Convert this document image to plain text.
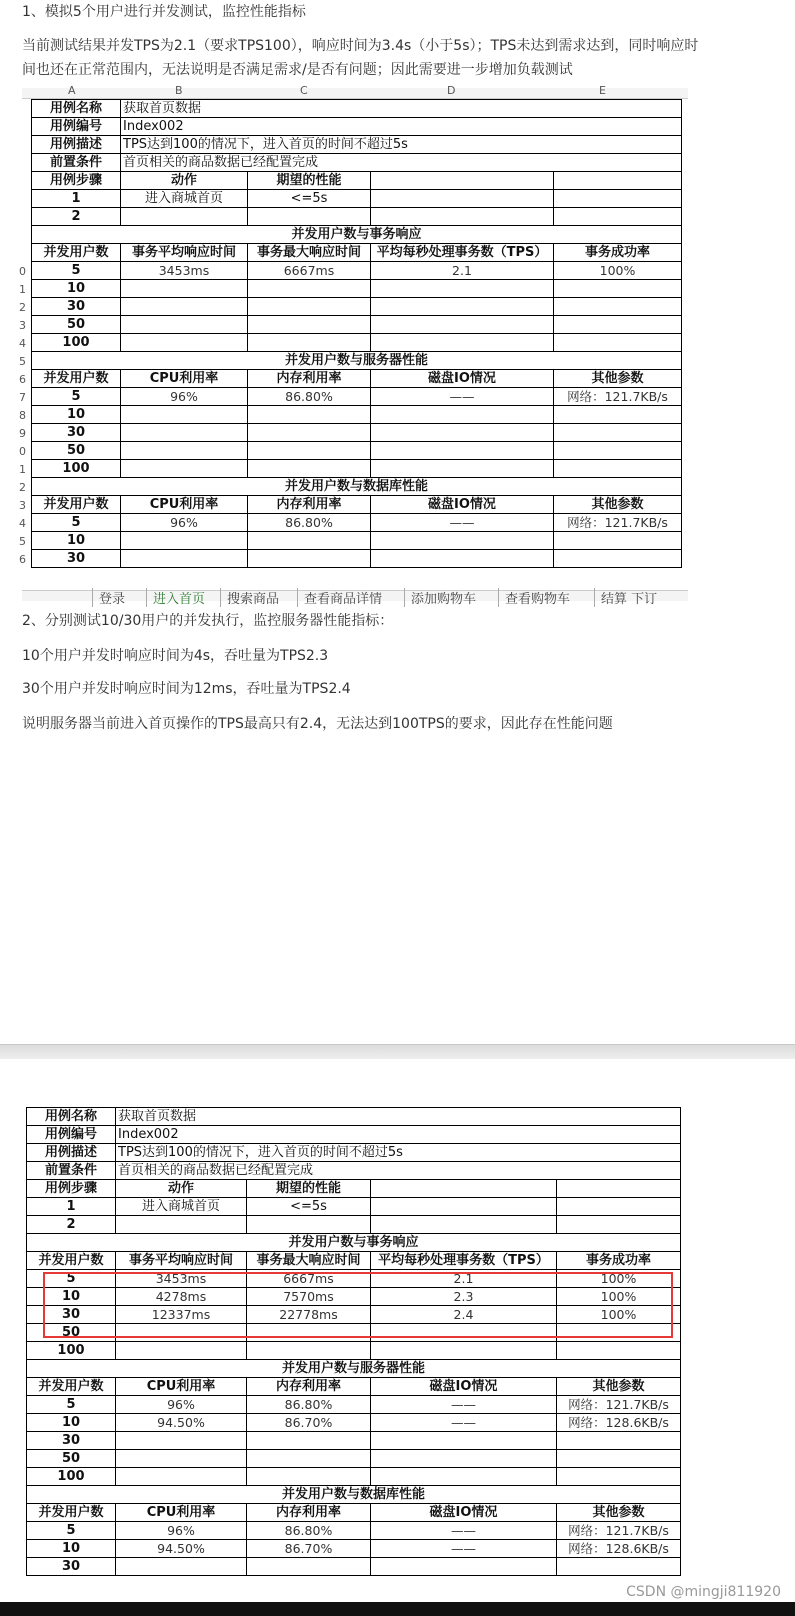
1、模拟5个用户进行并发测试，监控性能指标
当前测试结果并发TPS为2.1（要求TPS100），响应时间为3.4s（小于5s）；TPS未达到需求达到，同时响应时间也还在正常范围内，无法说明是否满足需求/是否有问题；因此需要进一步增加负载测试
A	B	C	D	E
0
1
2
3
4
5
6
7
8
9
0
1
2
3
4
5
6
用例名称	获取首页数据			
用例编号	Index002			
用例描述	TPS达到100的情况下，进入首页的时间不超过5s			
前置条件	首页相关的商品数据已经配置完成			
用例步骤	动作	期望的性能		
1	进入商城首页	<=5s		
2				
并发用户数与事务响应				
并发用户数	事务平均响应时间	事务最大响应时间	平均每秒处理事务数（TPS）	事务成功率
5	3453ms	6667ms	2.1	100%
10				
30				
50				
100				
并发用户数与服务器性能				
并发用户数	CPU利用率	内存利用率	磁盘IO情况	其他参数
5	96%	86.80%	——	网络：121.7KB/s
10				
30				
50				
100				
并发用户数与数据库性能				
并发用户数	CPU利用率	内存利用率	磁盘IO情况	其他参数
5	96%	86.80%	——	网络：121.7KB/s
10				
30				
登录	进入首页	搜索商品	查看商品详情	添加购物车	查看购物车	结算 下订
2、分别测试10/30用户的并发执行，监控服务器性能指标：
10个用户并发时响应时间为4s，吞吐量为TPS2.3
30个用户并发时响应时间为12ms，吞吐量为TPS2.4
说明服务器当前进入首页操作的TPS最高只有2.4，无法达到100TPS的要求，因此存在性能问题
用例名称	获取首页数据			
用例编号	Index002			
用例描述	TPS达到100的情况下，进入首页的时间不超过5s			
前置条件	首页相关的商品数据已经配置完成			
用例步骤	动作	期望的性能		
1	进入商城首页	<=5s		
2				
并发用户数与事务响应				
并发用户数	事务平均响应时间	事务最大响应时间	平均每秒处理事务数（TPS）	事务成功率
5	3453ms	6667ms	2.1	100%
10	4278ms	7570ms	2.3	100%
30	12337ms	22778ms	2.4	100%
50				
100				
并发用户数与服务器性能				
并发用户数	CPU利用率	内存利用率	磁盘IO情况	其他参数
5	96%	86.80%	——	网络：121.7KB/s
10	94.50%	86.70%	——	网络：128.6KB/s
30				
50				
100				
并发用户数与数据库性能				
并发用户数	CPU利用率	内存利用率	磁盘IO情况	其他参数
5	96%	86.80%	——	网络：121.7KB/s
10	94.50%	86.70%	——	网络：128.6KB/s
30				
CSDN @mingji811920
